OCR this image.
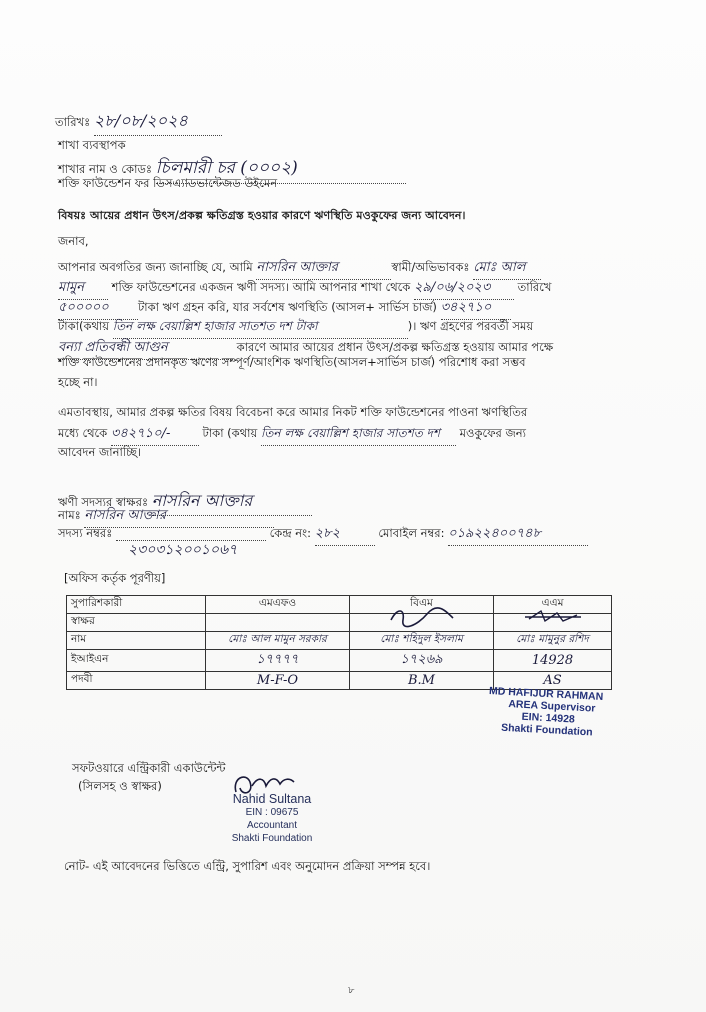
তারিখঃ ২৮/০৮/২০২৪
শাখা ব্যবস্থাপক
শাখার নাম ও কোডঃ চিলমারী চর (০০০২)
শক্তি ফাউন্ডেশন ফর ডিসএ্যাডভান্টেজড উইমেন
বিষয়ঃ আয়ের প্রধান উৎস/প্রকল্প ক্ষতিগ্রস্ত হওয়ার কারণে ঋণস্থিতি মওকুফের জন্য আবেদন।
জনাব,
আপনার অবগতির জন্য জানাচ্ছি যে, আমি নাসরিন আক্তার	স্বামী/অভিভাবকঃ মোঃ আল
মামুন শক্তি ফাউন্ডেশনের একজন ঋণী সদস্য। আমি আপনার শাখা থেকে ২৯/০৬/২০২৩ তারিখে
৫০০০০০	টাকা ঋণ গ্রহন করি, যার সর্বশেষ ঋণস্থিতি (আসল+ সার্ভিস চার্জ) ৩৪২৭১০
টাকা(কথায় তিন লক্ষ বেয়াল্লিশ হাজার সাতশত দশ টাকা	)। ঋণ গ্রহণের পরবর্তী সময়
বন্যা প্রতিবন্ধী আগুন	কারণে আমার আয়ের প্রধান উৎস/প্রকল্প ক্ষতিগ্রস্ত হওয়ায় আমার পক্ষে
শক্তি ফাউন্ডেশনের প্রদানকৃত ঋণের সম্পূর্ণ/আংশিক ঋণস্থিতি(আসল+সার্ভিস চার্জ) পরিশোধ করা সম্ভব
হচ্ছে না।
এমতাবস্থায়, আমার প্রকল্প ক্ষতির বিষয় বিবেচনা করে আমার নিকট শক্তি ফাউন্ডেশনের পাওনা ঋণস্থিতির
মধ্যে থেকে ৩৪২৭১০/-	টাকা (কথায় তিন লক্ষ বেয়াল্লিশ হাজার সাতশত দশ মওকুফের জন্য
আবেদন জানাচ্ছি।
ঋণী সদস্যর স্বাক্ষরঃ নাসরিন আক্তার
নামঃ নাসরিন আক্তার
সদস্য নম্বরঃ	কেন্দ্র নং: ২৮২	মোবাইল নম্বর: ০১৯২২৪০০৭৪৮
২৩০৩১২০০১০৬৭
[অফিস কর্তৃক পূরণীয়]
সুপারিশকারী	এমএফও	বিএম	এএম
স্বাক্ষর			
নাম	মোঃ আল মামুন সরকার	মোঃ শহিদুল ইসলাম	মোঃ মামুনুর রশিদ
ইআইএন	১৭৭৭৭	১৭২৬৯	14928
পদবী	M-F-O	B.M	AS
MD HAFIJUR RAHMAN
AREA Supervisor
EIN: 14928
Shakti Foundation
সফটওয়ারে এন্ট্রিকারী একাউন্টেন্ট
(সিলসহ ও স্বাক্ষর)
Nahid Sultana
EIN : 09675
Accountant
Shakti Foundation
নোট- এই আবেদনের ভিত্তিতে এন্ট্রি, সুপারিশ এবং অনুমোদন প্রক্রিয়া সম্পন্ন হবে।
৮
